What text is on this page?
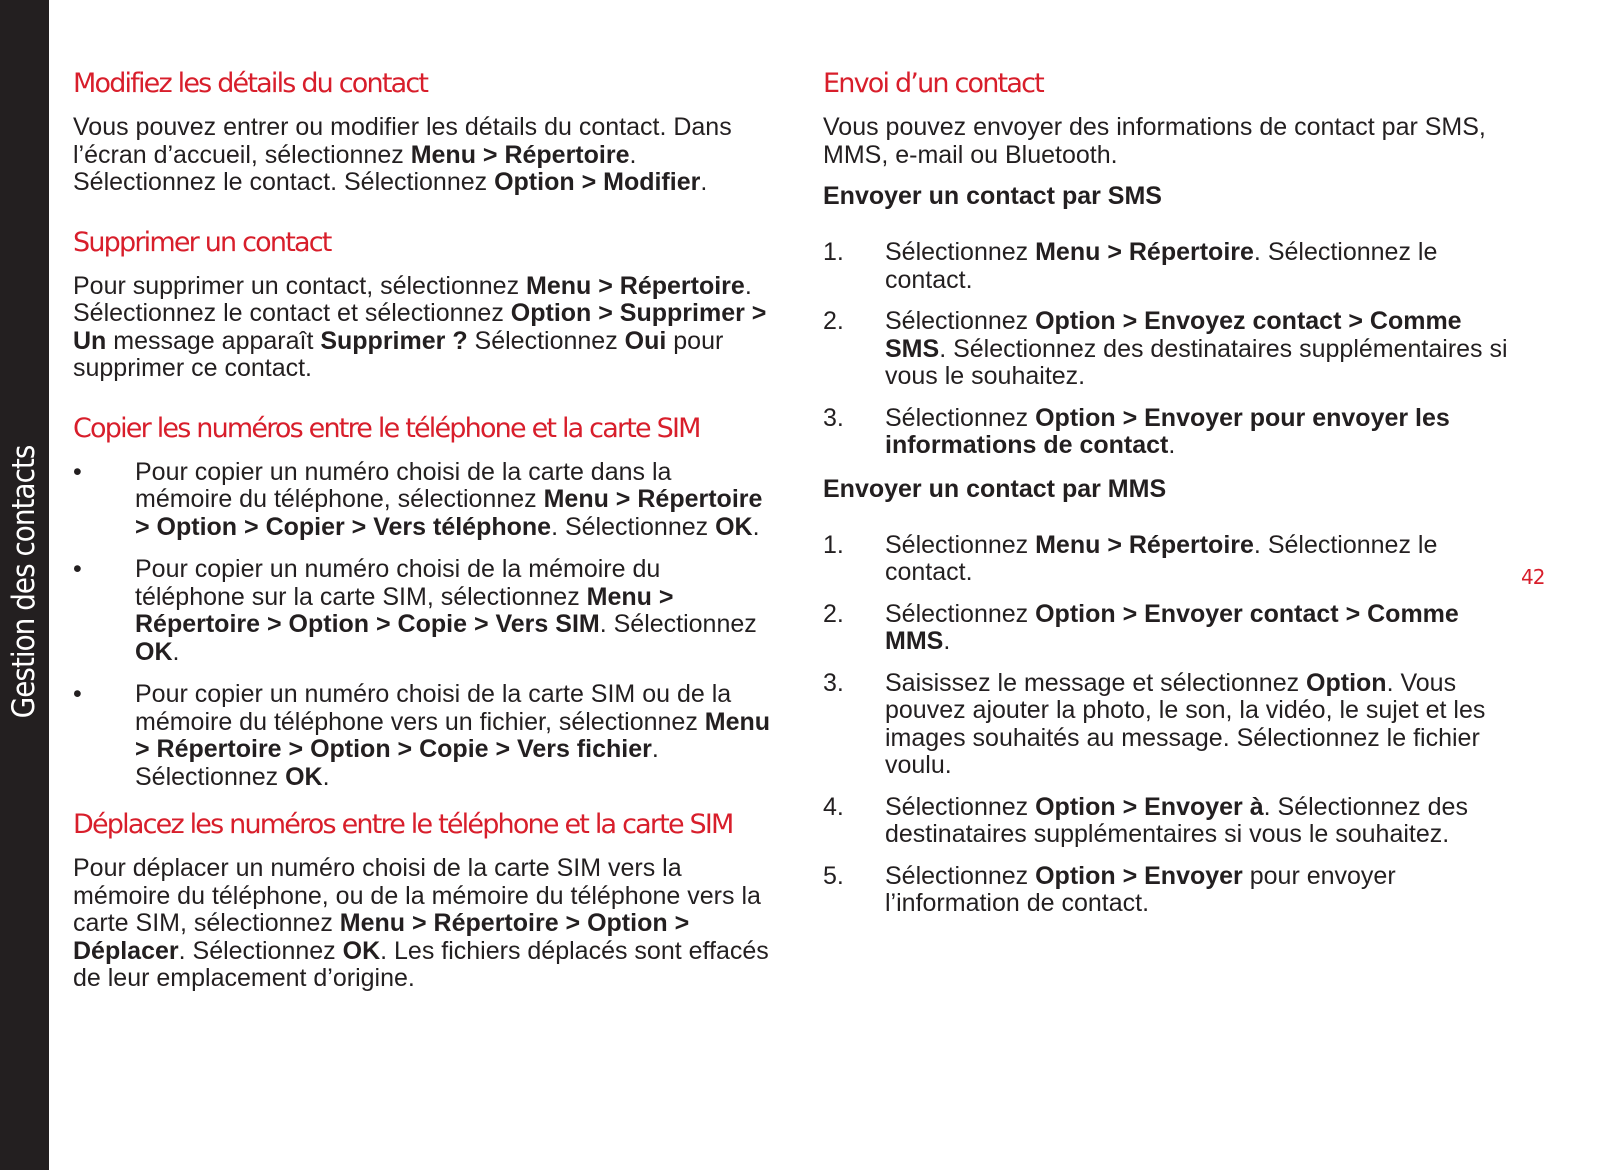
Gestion des contacts
Modifiez les détails du contact

Vous pouvez entrer ou modifier les détails du contact. Dans l’écran d’accueil, sélectionnez Menu > Répertoire. Sélectionnez le contact. Sélectionnez Option > Modifier.

Supprimer un contact

Pour supprimer un contact, sélectionnez Menu > Répertoire. Sélectionnez le contact et sélectionnez Option > Supprimer > Un message apparaît Supprimer ? Sélectionnez Oui pour supprimer ce contact.

Copier les numéros entre le téléphone et la carte SIM
• Pour copier un numéro choisi de la carte dans la mémoire du téléphone, sélectionnez Menu > Répertoire > Option > Copier > Vers téléphone. Sélectionnez OK.
• Pour copier un numéro choisi de la mémoire du téléphone sur la carte SIM, sélectionnez Menu > Répertoire > Option > Copie > Vers SIM. Sélectionnez OK.
• Pour copier un numéro choisi de la carte SIM ou de la mémoire du téléphone vers un fichier, sélectionnez Menu > Répertoire > Option > Copie > Vers fichier. Sélectionnez OK.
Déplacez les numéros entre le téléphone et la carte SIM

Pour déplacer un numéro choisi de la carte SIM vers la mémoire du téléphone, ou de la mémoire du téléphone vers la carte SIM, sélectionnez Menu > Répertoire > Option > Déplacer. Sélectionnez OK. Les fichiers déplacés sont effacés de leur emplacement d’origine.

Envoi d’un contact

Vous pouvez envoyer des informations de contact par SMS, MMS, e-mail ou Bluetooth.

Envoyer un contact par SMS
1. Sélectionnez Menu > Répertoire. Sélectionnez le contact.
2. Sélectionnez Option > Envoyez contact > Comme SMS. Sélectionnez des destinataires supplémentaires si vous le souhaitez.
3. Sélectionnez Option > Envoyer pour envoyer les informations de contact.
Envoyer un contact par MMS
1. Sélectionnez Menu > Répertoire. Sélectionnez le contact.
2. Sélectionnez Option > Envoyer contact > Comme MMS.
3. Saisissez le message et sélectionnez Option. Vous pouvez ajouter la photo, le son, la vidéo, le sujet et les images souhaités au message. Sélectionnez le fichier voulu.
4. Sélectionnez Option > Envoyer à. Sélectionnez des destinataires supplémentaires si vous le souhaitez.
5. Sélectionnez Option > Envoyer pour envoyer l’information de contact.
42
